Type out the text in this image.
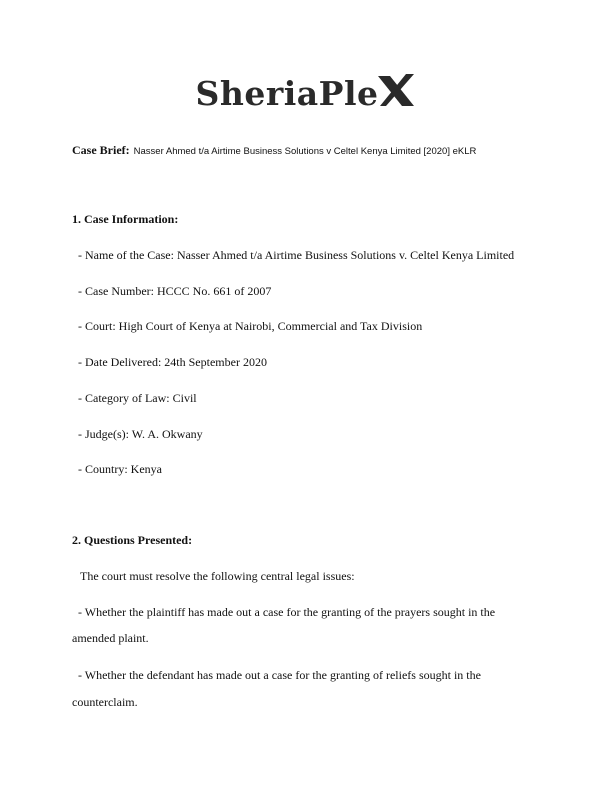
SheriaPle
Case Brief: Nasser Ahmed t/a Airtime Business Solutions v Celtel Kenya Limited [2020] eKLR
1. Case Information:
- Name of the Case: Nasser Ahmed t/a Airtime Business Solutions v. Celtel Kenya Limited
- Case Number: HCCC No. 661 of 2007
- Court: High Court of Kenya at Nairobi, Commercial and Tax Division
- Date Delivered: 24th September 2020
- Category of Law: Civil
- Judge(s): W. A. Okwany
- Country: Kenya
2. Questions Presented:
The court must resolve the following central legal issues:
- Whether the plaintiff has made out a case for the granting of the prayers sought in the
amended plaint.
- Whether the defendant has made out a case for the granting of reliefs sought in the
counterclaim.
